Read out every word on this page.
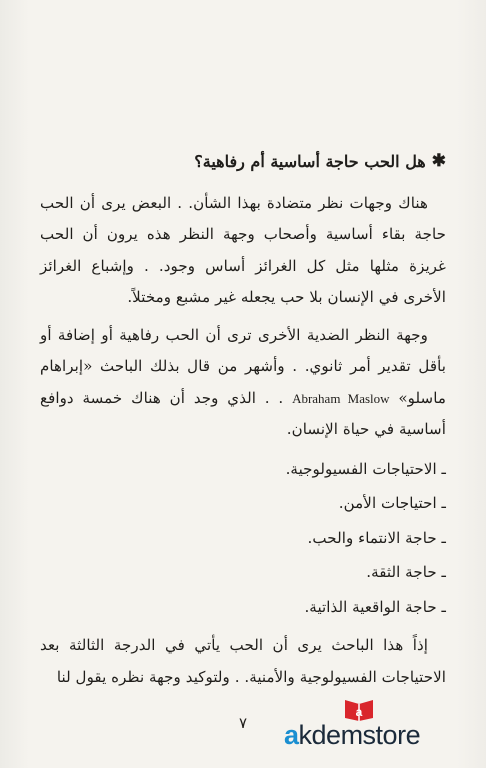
✱
هل الحب حاجة أساسية أم رفاهية؟

هناك وجهات نظر متضادة بهذا الشأن. . البعض يرى أن الحب حاجة بقاء أساسية وأصحاب وجهة النظر هذه يرون أن الحب غريزة مثلها مثل كل الغرائز أساس وجود. . وإشباع الغرائز الأخرى في الإنسان بلا حب يجعله غير مشبع ومختلاً.

وجهة النظر الضدية الأخرى ترى أن الحب رفاهية أو إضافة أو بأقل تقدير أمر ثانوي. . وأشهر من قال بذلك الباحث «إبراهام ماسلو» Abraham Maslow . . الذي وجد أن هناك خمسة دوافع أساسية في حياة الإنسان.

ـ الاحتياجات الفسيولوجية.
ـ احتياجات الأمن.
ـ حاجة الانتماء والحب.
ـ حاجة الثقة.
ـ حاجة الواقعية الذاتية.

إذاً هذا الباحث يرى أن الحب يأتي في الدرجة الثالثة بعد الاحتياجات الفسيولوجية والأمنية. . ولتوكيد وجهة نظره يقول لنا

٧
a
akdemstore
